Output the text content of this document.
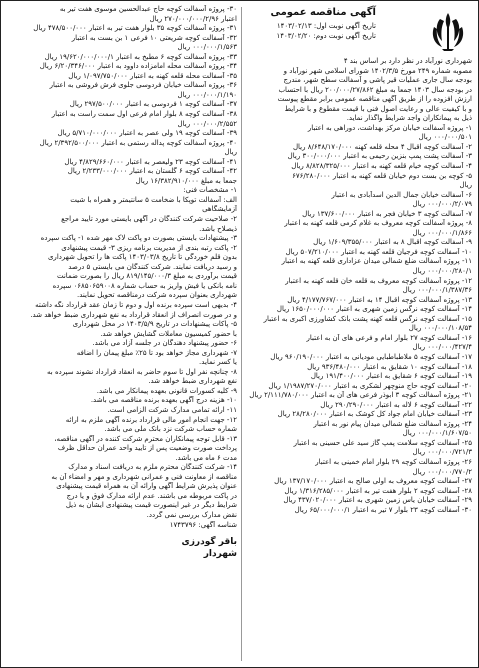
آگهی مناقصه عمومی
تاریخ آگهی نوبت اول: ۱۴۰۳/۰۲/۱۳
تاریخ آگهی نوبت دوم: ۱۴۰۳/۰۲/۲۰
شهرداری نورآباد در نظر دارد بر اساس بند ۴
مصوبه شماره ۲۴۹ مورخ ۱۴۰۲/۳/۵ شورای اسلامی شهر نورآباد و
بودجه سال جاری عملیات قیر پاشی و آسفالت سطح شهر، مندرج
در بودجه سال ۱۴۰۳ جمعاً به مبلغ ۲۰۰/۰۰۰/۲۷/۸۶۲ ریال با احتساب
ارزش افزوده را از طریق آگهی مناقصه عمومی برابر مقطع پیوست
و با کیفیت عالی و رعایت اصول فنی با قیمت مقطوع و با شرایط
ذیل به پیمانکاران واجد شرایط واگذار نماید.
۱- پروژه آسفالت خیابان مرکز بهداشت، دوراهی به اعتبار
۰۰۰/۰۰۰/۵۰۱ ریال
۲- آسفالت کوچه اقبال ۴ محله قلعه کهنه ۸/۶۴۸/۱۷۰/۰۰۰ ریال
۳- آسفالت پشت پمپ بنزین رحیمی به اعتبار ۳۰۰/۰۰۰/۰۰۰ ریال
۴- آسفالت کوچه خیام قلعه کهنه به اعتبار ۸/۸۲۸/۳۲۵/۰۰۰ ریال
۵- کوچه بن بست دوم خیابان قلعه کهنه به اعتبار ۶۷۶/۲۸۰/۰۰۰
ریال
۶- آسفالت خیابان جمال الدین اسدآبادی به اعتبار
۰۰۰/۰۰۰/۲/۰۷۹ ریال
۷- آسفالت کوچه ۳ خیابان فجر به اعتبار ۱۳۷/۶۰۰/۰۰۰ ریال
۸- پروژه آسفالت کوچه معروف به غلام کرمی قلعه کهنه به اعتبار
۰۰۰/۰۰۰/۱/۸۶۶ ریال
۹- آسفالت کوچه اقبال ۸ به اعتبار ۱/۶۰۹/۳۵۵/۰۰۰ ریال
۱۰- آسفالت کوچه فرجیان قلعه کهنه به اعتبار ۵۰۷/۲۱۰/۰۰۰ ریال
۱۱- پروژه آسفالت ضلع شمالی میدان عزاداری قلعه کهنه به اعتبار
۰۰۰/۰۰۰/۲۸۰/۱ ریال
۱۲- پروژه آسفالت کوچه معروف به قلعه خان قلعه کهنه به اعتبار
۰۰۰/۰۰۰/۱/۳۸۷/۳۶ ریال
۱۳- پروژه آسفالت کوچه اقبال ۱۴ به اعتبار ۴/۱۷۷/۷۶۷/۰۰۰ ریال
۱۴- آسفالت کوچه نرگس زمین شهری به اعتبار ۱۶۵۰/۰۰۰/۰۰۰ ریال
۱۵- آسفالت کوچه نرگس قلعه کهنه پشت بانک کشاورزی اکبری به اعتبار
۰۰۰/۰۰۰/۱۰۸/۵۴ ریال
۱۶- آسفالت کوچه ۲۷ بلوار امام و فرعی های آن به اعتبار
۰۰۰/۰۰۰/۴۲۷/۴ ریال
۱۷- آسفالت کوچه ۵ ملاطباطبایی مودیانی به اعتبار ۹۶۰/۱۹۰/۰۰۰ ریال
۱۸- آسفالت کوچه ۱۰ شقایق به اعتبار ۹۳۶/۴۸۰/۰۰۰ ریال
۱۹- آسفالت کوچه ۶ شقایق به اعتبار ۱۹۱/۴۰۰/۰۰۰ ریال
۲۰- آسفالت کوچه حاج منوچهر لشکری به اعتبار ۱/۱۹۸۷/۲۷۰/۰۰۰ ریال
۲۱- پروژه آسفالت کوچه ۳ ابوذر فرعی های آن به اعتبار ۲/۱۱۱/۷۸۰/۰۰۰ ریال
۲۲- آسفالت کوچه ۶ لاله به اعتبار ۲۹۰/۲۹۰/۰۰۰ ریال
۲۳- آسفالت خیابان امام جواد کل کوشک به اعتبار ۲۸/۲۸۰/۰۰۰ ریال
۲۴- پروژه آسفالت ضلع شمالی میدان پیام نور به اعتبار
۰۰۰/۰۰۰/۱/۶۰۷/۵۰ ریال
۲۵- آسفالت کوچه سلامت پمپ گاز سید علی حسینی به اعتبار
۰۰۰/۰۰۰/۷۲۱/۳ ریال
۲۶- پروژه آسفالت کوچه ۲۹ بلوار امام خمینی به اعتبار
۰۰۰/۰۰۰/۷۷۰/۲ ریال
۲۷- آسفالت کوچه معروف به اولی صالح به اعتبار ۱۳۷/۱۷۰/۰۰۰ ریال
۲۸- آسفالت کوچه ۲ بلوار هفت تیر به اعتبار ۱/۳۱۶/۲۸۵/۰۰۰ ریال
۲۹- آسفالت خیابان یاس زمین شهری به اعتبار ۴۳۷/۰۲۰/۰۰۰ ریال
۳۰- آسفالت کوچه ۲۳ بلوار ۷ تیر به اعتبار ۶۵/۰۰۰/۰۰۰/۱ ریال
۳۰- پروژه آسفالت کوچه حاج عبدالحسین موسوی هفت تیر به
اعتبار ۲۷۰/۰۰۰/۰۰۰/۲/۹۶ ریال
۳۱- پروژه آسفالت کوچه ۳۵ بلوار هفت تیر به اعتبار ۴۷۸/۵۰۰/۰۰۰ ریال
۳۲- آسفالت کوچه شریعتی ۱۰ فرعی ۱ بن بست به اعتبار
۰۰۰/۰۰۰/۱/۵۶۳ ریال
۳۳- پروژه آسفالت کوچه ۶ مطبخ به اعتبار ۱۹/۶۲۰/۰۰۰/۰۰۰/۱ ریال
۳۴- پروژه آسفالت محله امامزاده داوود به اعتبار ۶/۲۰/۳۴۶/۰۰۰ ریال
۳۵- آسفالت محله قلعه کهنه به اعتبار ۱/۰۹۷/۷۵۰/۰۰۰ ریال
۳۶- پروژه آسفالت خیابان فردوسی جلوی فرش فروشی به اعتبار
۰۰۰/۰۰۰/۱/۱۹۰ ریال
۳۷- آسفالت کوچه ۱ فردوسی به اعتبار ۲۹۷/۵۰۰/۰۰۰ ریال
۳۸- آسفالت کوچه ۸ بلوار امام فرعی اول سمت راست به اعتبار
۰۰۰/۰۰۰/۲/۵۵۲ ریال
۳۹- آسفالت کوچه ۱۹ ولی عصر به اعتبار ۵/۷۱۰/۰۰۰/۰۰۰ ریال
۴۰- پروژه آسفالت کوچه پداله رستمی به اعتبار ۲/۳۹۲/۵۰۰/۰۰۰ ریال
ریال
۴۱- آسفالت کوچه ۲۳ ولیعصر به اعتبار ۴/۸۲۹/۶۶۰/۰۰۰ ریال
۴۲- آسفالت کوچه ۶ گلستان به اعتبار ۲/۲۳۳/۰۰۰/۰۰۰ ریال
جمعاً به مبلغ ۱۶/۳۸۲/۹۱۰/۰۰۰ ریال
۱- مشخصات فنی:
الف: آسفالت توپکا با ضخامت ۵ سانتیمتر و همراه با شیت
آزمایشگاهی
۲- صلاحیت شرکت کنندگان در آگهی بایستی مورد تأیید مراجع
ذیصلاح باشد.
۳- پیشنهادات بایستی بصورت دو پاکت لاک مهر شده ۱- پاکت سپرده
۲- پاکت رتبه بندی از مدیریت برنامه ریزی ۳- قیمت پیشنهادی
بدون قلم خوردگی تا تاریخ ۱۴۰۳/۰۳/۸ پاکت ها را تحویل شهرداری
و رسید دریافت نمایند. شرکت کنندگان می بایستی ۵ درصد
قیمت برآوردی به مبلغ ۸۱۹/۱۴۵/۰۰۰/۳ ریال را بصورت ضمانت
نامه بانکی یا فیش واریز به حساب شماره ۰۶۸۵۰۶۵۹۰۰۸ سپرده
شهرداری بعنوان سپرده شرکت درمناقصه تحویل نمایند.
۴- بدیهی است سپرده برنده اول و دوم تا زمان عقد قرارداد نگه داشته
و در صورت انصراف از انعقاد قرارداد به نفع شهرداری ضبط خواهد شد.
۵- پاکات پیشنهادات در تاریخ ۱۴۰۳/۵/۹ در محل شهرداری
با حضور کمیسیون معاملات گشایش خواهد شد.
۶- حضور پیشنهاد دهندگان در جلسه آزاد می باشد.
۷- شهرداری مجاز خواهد بود تا ۲۵٪ مبلغ پیمان را اضافه
یا کسر نماید.
۸- چنانچه نفر اول تا سوم حاضر به انعقاد قرارداد نشوند سپرده به
نفع شهرداری ضبط خواهد شد.
۹- کلیه کسورات قانونی بعهده پیمانکار می باشد.
۱۰- هزینه درج آگهی بعهده برنده مناقصه می باشد.
۱۱- ارائه تمامی مدارک شرکت الزامی است.
۱۲- جهت انجام امور مالی قرارداد برنده آگهی ملزم به ارائه
شماره حساب شرکت نزد بانک ملی می باشد.
۱۳- قابل توجه پیمانکاران محترم شرکت کننده در آگهی مناقصه،
پرداخت صورت وضعیت پس از تأیید واحد عمران حداقل ظرف
مدت ۶ ماه می باشد.
۱۴- شرکت کنندگان محترم ملزم به دریافت اسناد و مدارک
مناقصه از معاونت فنی و عمرانی شهرداری و مهر و امضاء آن به
عنوان پذیرش شرایط آگهی وارائه آن به همراه قیمت پیشنهادی
در پاکت مربوطه می باشند. عدم ارائه مدارک فوق و یا درج
شرایط دیگر در غیر اینصورت قیمت پیشنهادی ایشان به ذیل
نقض مدارک بررسی نمی گردد.
شناسه آگهی: ۱۷۴۳۷۹۶
باقر گودرزی
شهردار
